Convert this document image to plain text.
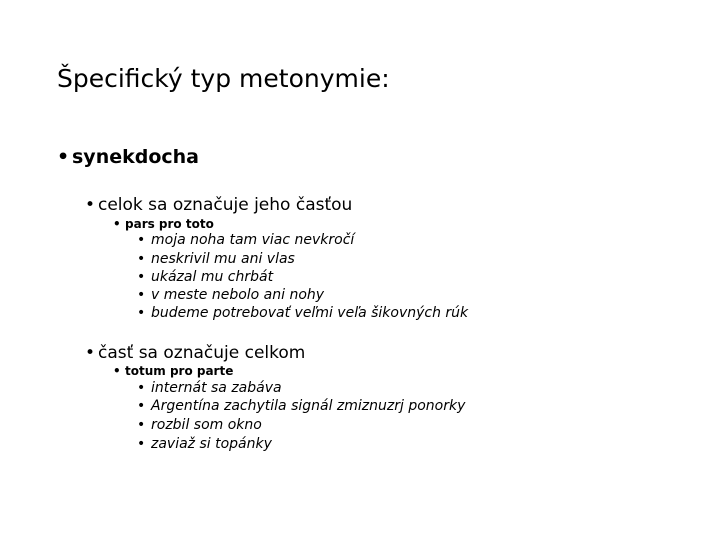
Špecifický typ metonymie:
• synekdocha
• celok sa označuje jeho časťou
• pars pro toto
• moja noha tam viac nevkročí
• neskrivil mu ani vlas
• ukázal mu chrbát
• v meste nebolo ani nohy
• budeme potrebovať veľmi veľa šikovných rúk
• časť sa označuje celkom
• totum pro parte
• internát sa zabáva
• Argentína zachytila signál zmiznuzrj ponorky
• rozbil som okno
• zaviaž si topánky
